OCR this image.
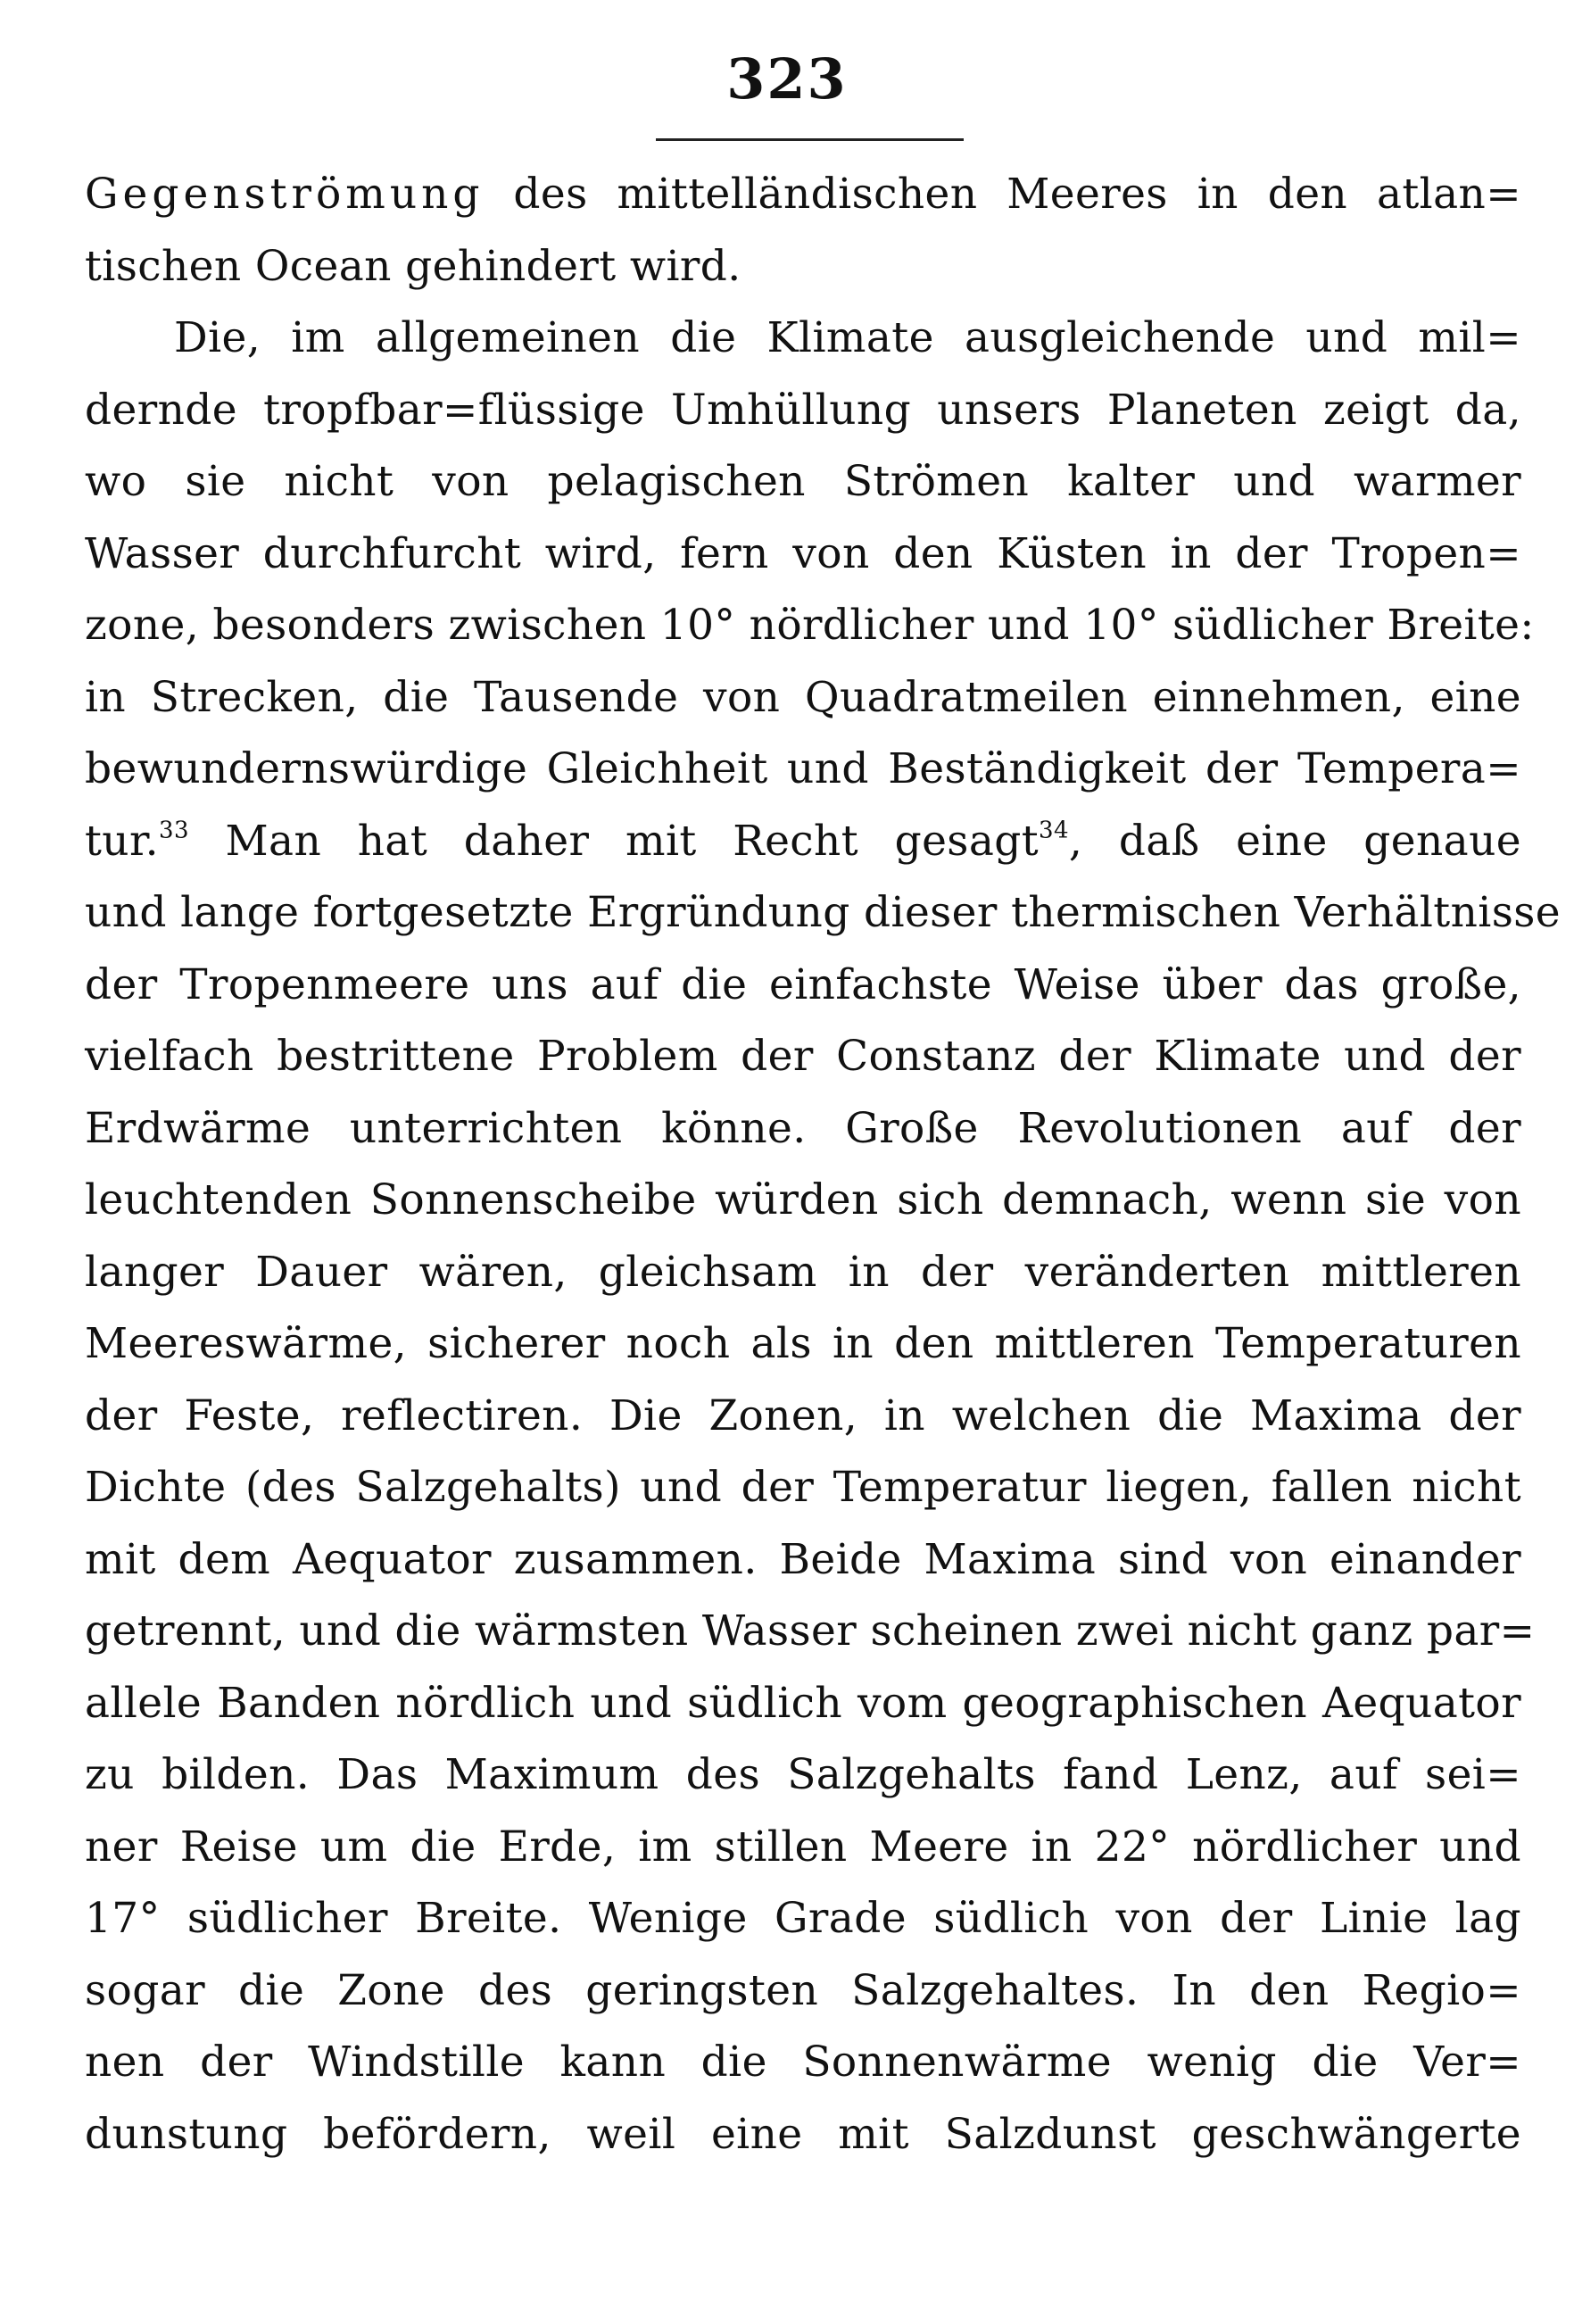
323
Gegenströmung des mittelländischen Meeres in den atlan=
tischen Ocean gehindert wird.
Die, im allgemeinen die Klimate ausgleichende und mil=
dernde tropfbar=flüssige Umhüllung unsers Planeten zeigt da,
wo sie nicht von pelagischen Strömen kalter und warmer
Wasser durchfurcht wird, fern von den Küsten in der Tropen=
zone, besonders zwischen 10° nördlicher und 10° südlicher Breite:
in Strecken, die Tausende von Quadratmeilen einnehmen, eine
bewundernswürdige Gleichheit und Beständigkeit der Tempera=
tur.$^{33}$ Man hat daher mit Recht gesagt$^{34}$, daß eine genaue
und lange fortgesetzte Ergründung dieser thermischen Verhältnisse
der Tropenmeere uns auf die einfachste Weise über das große,
vielfach bestrittene Problem der Constanz der Klimate und der
Erdwärme unterrichten könne. Große Revolutionen auf der
leuchtenden Sonnenscheibe würden sich demnach, wenn sie von
langer Dauer wären, gleichsam in der veränderten mittleren
Meereswärme, sicherer noch als in den mittleren Temperaturen
der Feste, reflectiren. Die Zonen, in welchen die Maxima der
Dichte (des Salzgehalts) und der Temperatur liegen, fallen nicht
mit dem Aequator zusammen. Beide Maxima sind von einander
getrennt, und die wärmsten Wasser scheinen zwei nicht ganz par=
allele Banden nördlich und südlich vom geographischen Aequator
zu bilden. Das Maximum des Salzgehalts fand Lenz, auf sei=
ner Reise um die Erde, im stillen Meere in 22° nördlicher und
17° südlicher Breite. Wenige Grade südlich von der Linie lag
sogar die Zone des geringsten Salzgehaltes. In den Regio=
nen der Windstille kann die Sonnenwärme wenig die Ver=
dunstung befördern, weil eine mit Salzdunst geschwängerte
